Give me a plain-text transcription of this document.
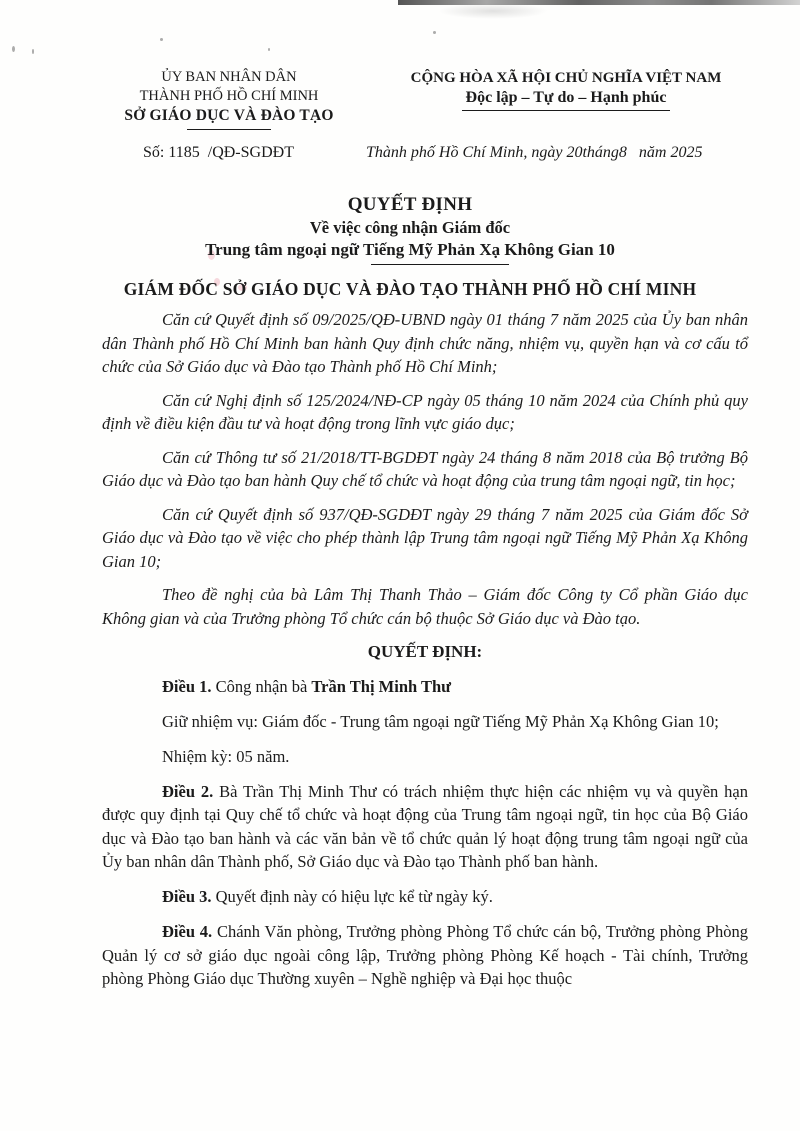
ỦY BAN NHÂN DÂN
THÀNH PHỐ HỒ CHÍ MINH
SỞ GIÁO DỤC VÀ ĐÀO TẠO
CỘNG HÒA XÃ HỘI CHỦ NGHĨA VIỆT NAM
Độc lập – Tự do – Hạnh phúc
Số: 1185  /QĐ-SGDĐT	Thành phố Hồ Chí Minh, ngày 20tháng8   năm 2025
QUYẾT ĐỊNH
Về việc công nhận Giám đốc
Trung tâm ngoại ngữ Tiếng Mỹ Phản Xạ Không Gian 10
GIÁM ĐỐC SỞ GIÁO DỤC VÀ ĐÀO TẠO THÀNH PHỐ HỒ CHÍ MINH

Căn cứ Quyết định số 09/2025/QĐ-UBND ngày 01 tháng 7 năm 2025 của Ủy ban nhân dân Thành phố Hồ Chí Minh ban hành Quy định chức năng, nhiệm vụ, quyền hạn và cơ cấu tổ chức của Sở Giáo dục và Đào tạo Thành phố Hồ Chí Minh;

Căn cứ Nghị định số 125/2024/NĐ-CP ngày 05 tháng 10 năm 2024 của Chính phủ quy định về điều kiện đầu tư và hoạt động trong lĩnh vực giáo dục;

Căn cứ Thông tư số 21/2018/TT-BGDĐT ngày 24 tháng 8 năm 2018 của Bộ trưởng Bộ Giáo dục và Đào tạo ban hành Quy chế tổ chức và hoạt động của trung tâm ngoại ngữ, tin học;

Căn cứ Quyết định số 937/QĐ-SGDĐT ngày 29 tháng 7 năm 2025 của Giám đốc Sở Giáo dục và Đào tạo về việc cho phép thành lập Trung tâm ngoại ngữ Tiếng Mỹ Phản Xạ Không Gian 10;

Theo đề nghị của bà Lâm Thị Thanh Thảo – Giám đốc Công ty Cổ phần Giáo dục Không gian và của Trưởng phòng Tổ chức cán bộ thuộc Sở Giáo dục và Đào tạo.

QUYẾT ĐỊNH:

Điều 1. Công nhận bà Trần Thị Minh Thư

Giữ nhiệm vụ: Giám đốc - Trung tâm ngoại ngữ Tiếng Mỹ Phản Xạ Không Gian 10;

Nhiệm kỳ: 05 năm.

Điều 2. Bà Trần Thị Minh Thư có trách nhiệm thực hiện các nhiệm vụ và quyền hạn được quy định tại Quy chế tổ chức và hoạt động của Trung tâm ngoại ngữ, tin học của Bộ Giáo dục và Đào tạo ban hành và các văn bản về tổ chức quản lý hoạt động trung tâm ngoại ngữ của Ủy ban nhân dân Thành phố, Sở Giáo dục và Đào tạo Thành phố ban hành.

Điều 3. Quyết định này có hiệu lực kể từ ngày ký.

Điều 4. Chánh Văn phòng, Trưởng phòng Phòng Tổ chức cán bộ, Trưởng phòng Phòng Quản lý cơ sở giáo dục ngoài công lập, Trưởng phòng Phòng Kế hoạch - Tài chính, Trưởng phòng Phòng Giáo dục Thường xuyên – Nghề nghiệp và Đại học thuộc
